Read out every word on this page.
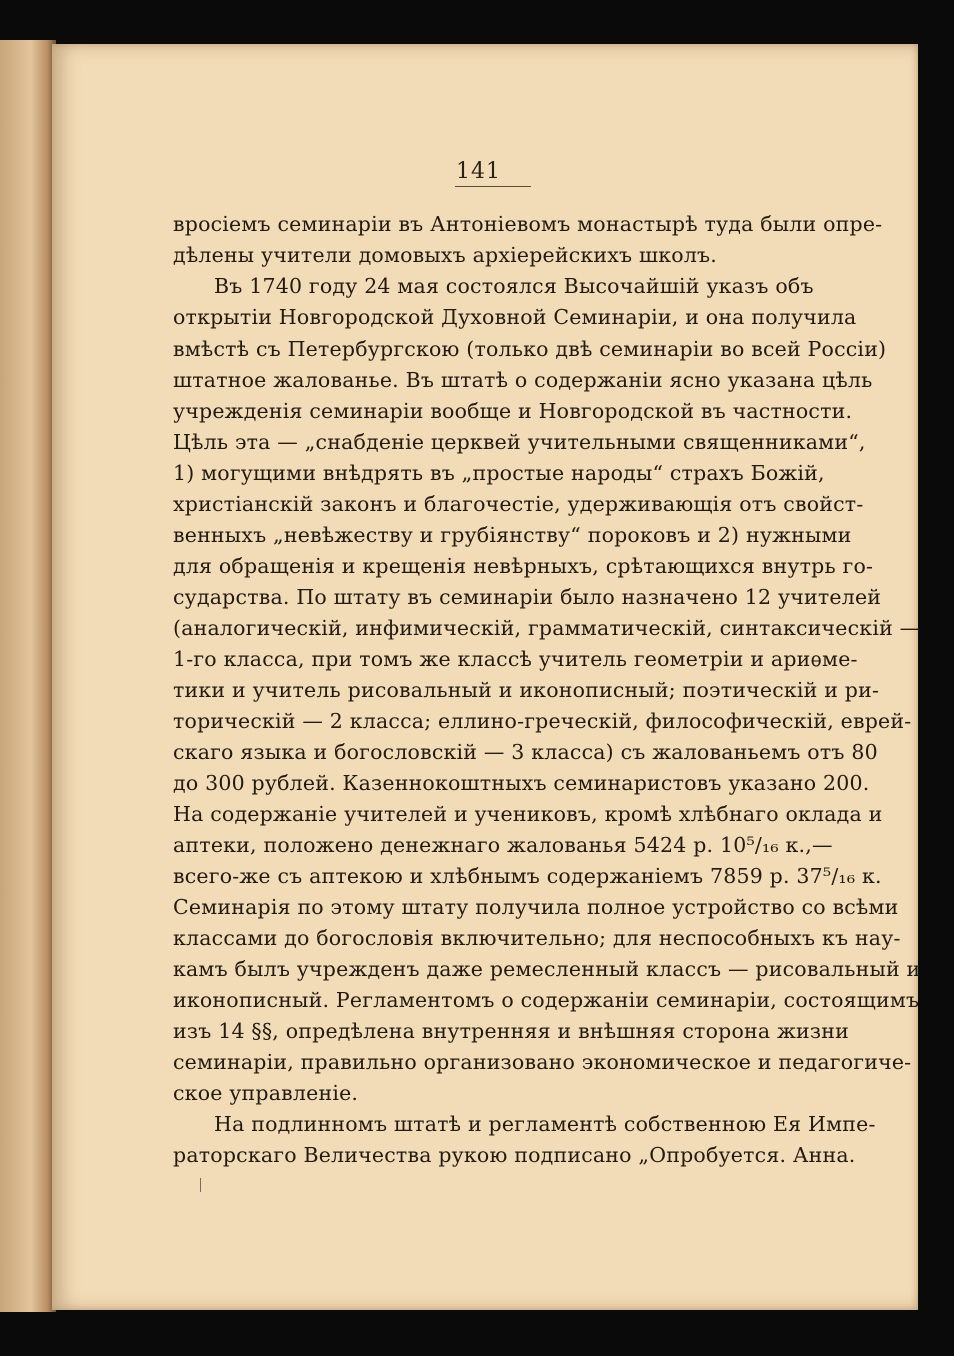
141
вросіемъ семинаріи въ Антоніевомъ монастырѣ туда были опре-
дѣлены учители домовыхъ архіерейскихъ школъ.
Въ 1740 году 24 мая состоялся Высочайшій указъ объ
открытіи Новгородской Духовной Семинаріи, и она получила
вмѣстѣ съ Петербургскою (только двѣ семинаріи во всей Россіи)
штатное жалованье. Въ штатѣ о содержаніи ясно указана цѣль
учрежденія семинаріи вообще и Новгородской въ частности.
Цѣль эта — „снабденіе церквей учительными священниками“,
1) могущими внѣдрять въ „простые народы“ страхъ Божій,
христіанскій законъ и благочестіе, удерживающія отъ свойст-
венныхъ „невѣжеству и грубіянству“ пороковъ и 2) нужными
для обращенія и крещенія невѣрныхъ, срѣтающихся внутрь го-
сударства. По штату въ семинаріи было назначено 12 учителей
(аналогическій, инфимическій, грамматическій, синтаксическій —
1-го класса, при томъ же классѣ учитель геометріи и ариѳме-
тики и учитель рисовальный и иконописный; поэтическій и ри-
торическій — 2 класса; еллино-греческій, философическій, еврей-
скаго языка и богословскій — 3 класса) съ жалованьемъ отъ 80
до 300 рублей. Казеннокоштныхъ семинаристовъ указано 200.
На содержаніе учителей и учениковъ, кромѣ хлѣбнаго оклада и
аптеки, положено денежнаго жалованья 5424 р. 10⁵/₁₆ к.,—
всего-же съ аптекою и хлѣбнымъ содержаніемъ 7859 р. 37⁵/₁₆ к.
Семинарія по этому штату получила полное устройство со всѣми
классами до богословія включительно; для неспособныхъ къ нау-
камъ былъ учрежденъ даже ремесленный классъ — рисовальный и
иконописный. Регламентомъ о содержаніи семинаріи, состоящимъ
изъ 14 §§, опредѣлена внутренняя и внѣшняя сторона жизни
семинаріи, правильно организовано экономическое и педагогиче-
ское управленіе.
На подлинномъ штатѣ и регламентѣ собственною Ея Импе-
раторскаго Величества рукою подписано „Опробуется. Анна.
